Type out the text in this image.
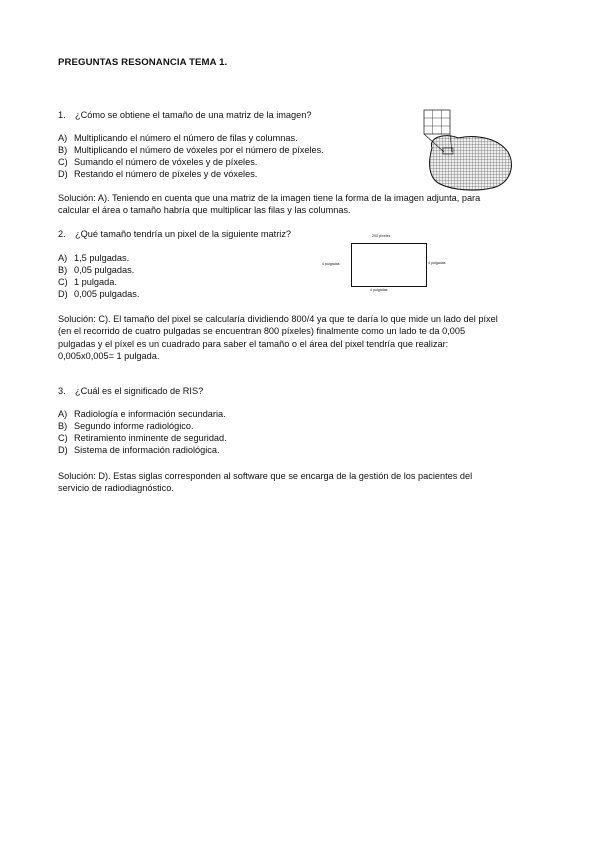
PREGUNTAS RESONANCIA TEMA 1.
1. ¿Cómo se obtiene el tamaño de una matriz de la imagen?
A) Multiplicando el número el número de filas y columnas.
B) Multiplicando el número de vóxeles por el número de píxeles.
C) Sumando el número de vóxeles y de píxeles.
D) Restando el número de píxeles y de vóxeles.
Solución: A). Teniendo en cuenta que una matriz de la imagen tiene la forma de la imagen adjunta, para
calcular el área o tamaño habría que multiplicar las filas y las columnas.
2. ¿Qué tamaño tendría un pixel de la siguiente matriz?
A) 1,5 pulgadas.
B) 0,05 pulgadas.
C) 1 pulgada.
D) 0,005 pulgadas.
200 píxeles
4 pulgadas	4 pulgadas
4 pulgadas
Solución: C). El tamaño del pixel se calcularía dividiendo 800/4 ya que te daría lo que mide un lado del píxel
(en el recorrido de cuatro pulgadas se encuentran 800 píxeles) finalmente como un lado te da 0,005
pulgadas y el píxel es un cuadrado para saber el tamaño o el área del pixel tendría que realizar:
0,005x0,005= 1 pulgada.
3. ¿Cuál es el significado de RIS?
A) Radiología e información secundaria.
B) Segundo informe radiológico.
C) Retiramiento inminente de seguridad.
D) Sistema de información radiológica.
Solución: D). Estas siglas corresponden al software que se encarga de la gestión de los pacientes del
servicio de radiodiagnóstico.
